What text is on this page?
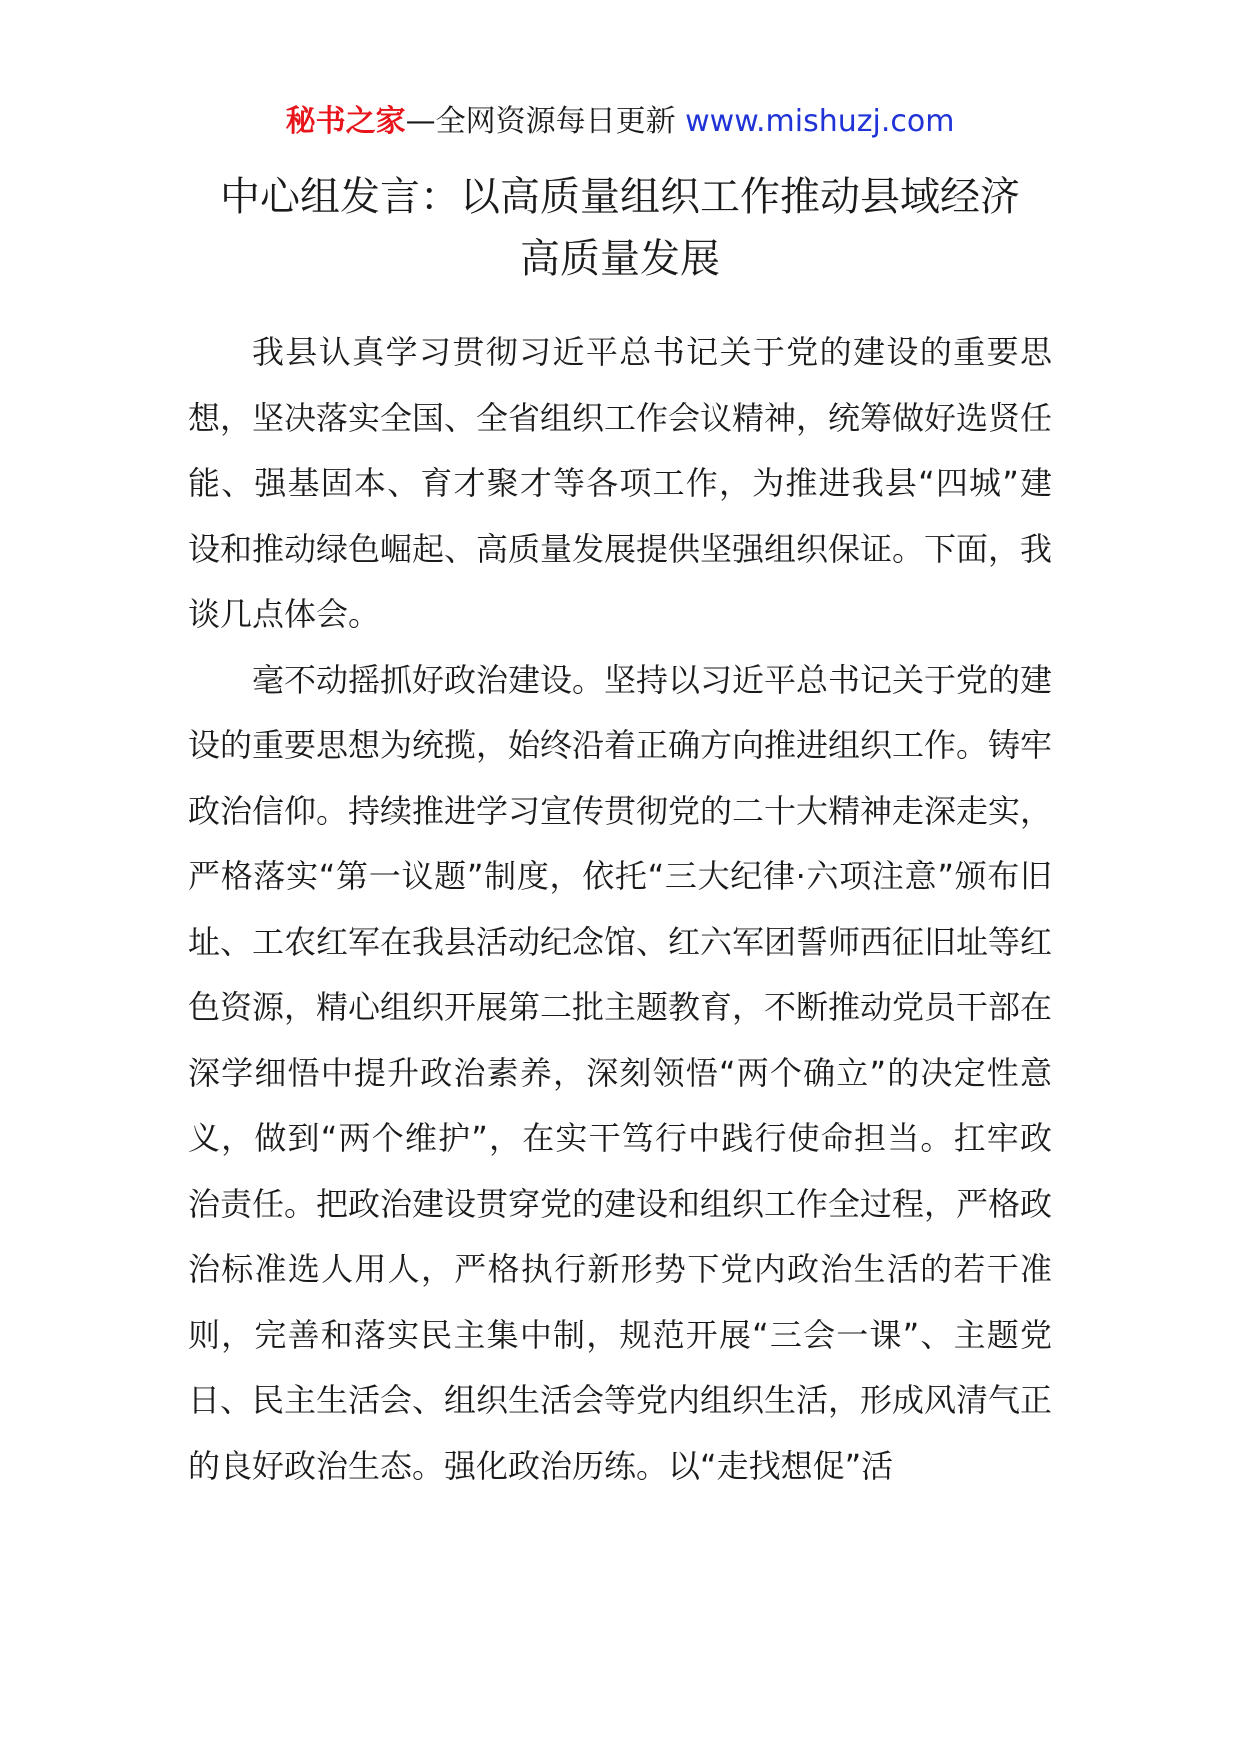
秘书之家—全网资源每日更新 www.mishuzj.com
中心组发言：以高质量组织工作推动县域经济
高质量发展

我县认真学习贯彻习近平总书记关于党的建设的重要思想，坚决落实全国、全省组织工作会议精神，统筹做好选贤任能、强基固本、育才聚才等各项工作，为推进我县“四城”建设和推动绿色崛起、高质量发展提供坚强组织保证。下面，我谈几点体会。

毫不动摇抓好政治建设。坚持以习近平总书记关于党的建设的重要思想为统揽，始终沿着正确方向推进组织工作。铸牢政治信仰。持续推进学习宣传贯彻党的二十大精神走深走实，严格落实“第一议题”制度，依托“三大纪律·六项注意”颁布旧址、工农红军在我县活动纪念馆、红六军团誓师西征旧址等红色资源，精心组织开展第二批主题教育，不断推动党员干部在深学细悟中提升政治素养，深刻领悟“两个确立”的决定性意义，做到“两个维护”，在实干笃行中践行使命担当。扛牢政治责任。把政治建设贯穿党的建设和组织工作全过程，严格政治标准选人用人，严格执行新形势下党内政治生活的若干准则，完善和落实民主集中制，规范开展“三会一课”、主题党日、民主生活会、组织生活会等党内组织生活，形成风清气正的良好政治生态。强化政治历练。以“走找想促”活
